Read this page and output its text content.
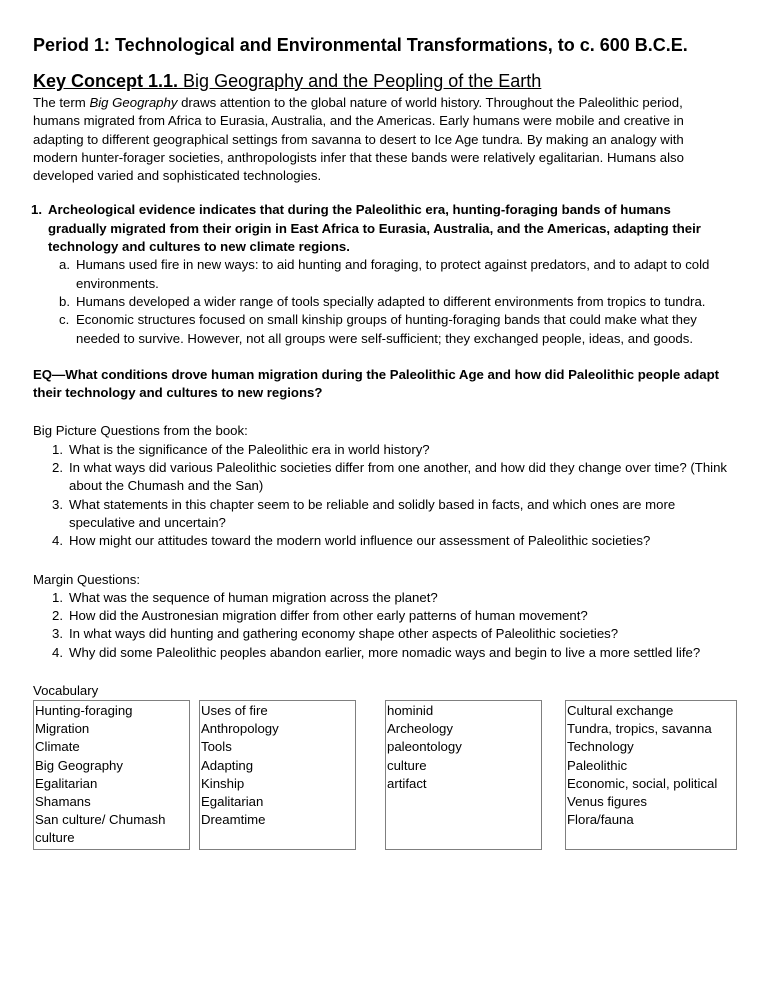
Period 1: Technological and Environmental Transformations, to c. 600 B.C.E.
Key Concept 1.1. Big Geography and the Peopling of the Earth

The term Big Geography draws attention to the global nature of world history. Throughout the Paleolithic period, humans migrated from Africa to Eurasia, Australia, and the Americas. Early humans were mobile and creative in adapting to different geographical settings from savanna to desert to Ice Age tundra. By making an analogy with modern hunter-forager societies, anthropologists infer that these bands were relatively egalitarian. Humans also developed varied and sophisticated technologies.

1. Archeological evidence indicates that during the Paleolithic era, hunting-foraging bands of humans gradually migrated from their origin in East Africa to Eurasia, Australia, and the Americas, adapting their technology and cultures to new climate regions.
a. Humans used fire in new ways: to aid hunting and foraging, to protect against predators, and to adapt to cold environments.
b. Humans developed a wider range of tools specially adapted to different environments from tropics to tundra.
c. Economic structures focused on small kinship groups of hunting-foraging bands that could make what they needed to survive. However, not all groups were self-sufficient; they exchanged people, ideas, and goods.

EQ—What conditions drove human migration during the Paleolithic Age and how did Paleolithic people adapt their technology and cultures to new regions?

Big Picture Questions from the book:

1. What is the significance of the Paleolithic era in world history?
2. In what ways did various Paleolithic societies differ from one another, and how did they change over time? (Think about the Chumash and the San)
3. What statements in this chapter seem to be reliable and solidly based in facts, and which ones are more speculative and uncertain?
4. How might our attitudes toward the modern world influence our assessment of Paleolithic societies?

Margin Questions:

1. What was the sequence of human migration across the planet?
2. How did the Austronesian migration differ from other early patterns of human movement?
3. In what ways did hunting and gathering economy shape other aspects of Paleolithic societies?
4. Why did some Paleolithic peoples abandon earlier, more nomadic ways and begin to live a more settled life?

Vocabulary

Hunting-foraging
Migration
Climate
Big Geography
Egalitarian
Shamans
San culture/ Chumash culture

Uses of fire
Anthropology
Tools
Adapting
Kinship
Egalitarian
Dreamtime

hominid
Archeology
paleontology
culture
artifact

Cultural exchange
Tundra, tropics, savanna
Technology
Paleolithic
Economic, social, political
Venus figures
Flora/fauna
